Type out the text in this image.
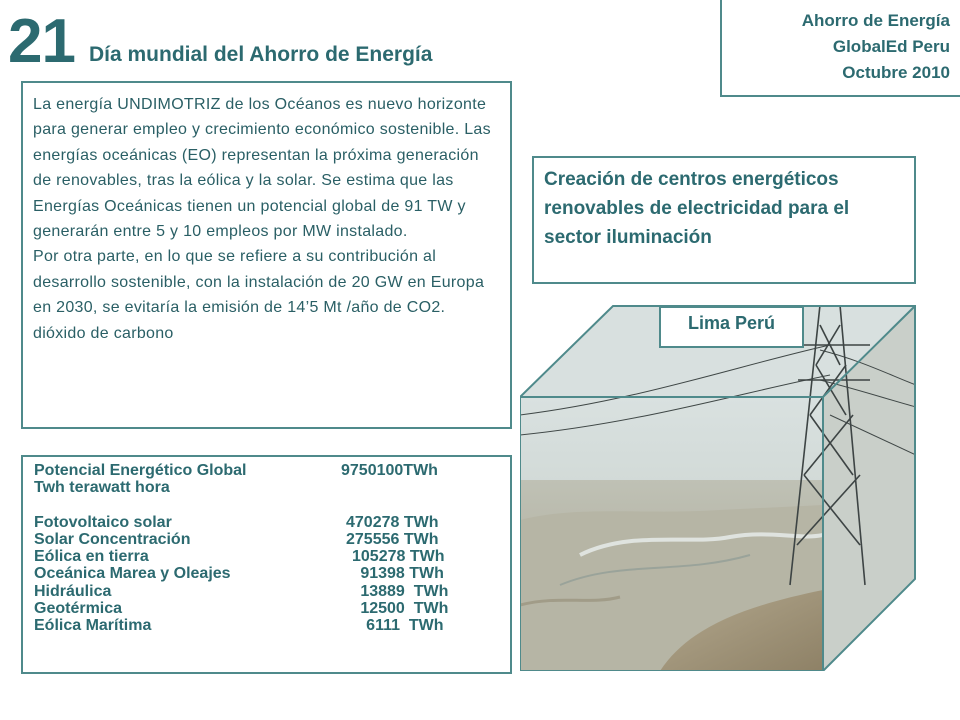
21 Día mundial del Ahorro de Energía
Ahorro de Energía
GlobalEd Peru
Octubre 2010

La energía UNDIMOTRIZ de los Océanos es nuevo horizonte para generar empleo y crecimiento económico sostenible. Las energías oceánicas (EO) representan la próxima generación de renovables, tras la eólica y la solar. Se estima que las Energías Oceánicas tienen un potencial global de 91 TW y generarán entre 5 y 10 empleos por MW instalado.

Por otra parte, en lo que se refiere a su contribución al desarrollo sostenible, con la instalación de 20 GW en Europa en 2030, se evitaría la emisión de 14’5 Mt /año de CO2. dióxido de carbono

Creación de centros energéticos renovables de electricidad para el sector iluminación
Lima Perú
Potencial Energético Global	9750100TWh
Twh terawatt hora
Fotovoltaico solar	470278 TWh
Solar Concentración	275556 TWh
Eólica en tierra	105278 TWh
Oceánica Marea y Oleajes	91398 TWh
Hidráulica	13889  TWh
Geotérmica	12500  TWh
Eólica Marítima	6111  TWh
